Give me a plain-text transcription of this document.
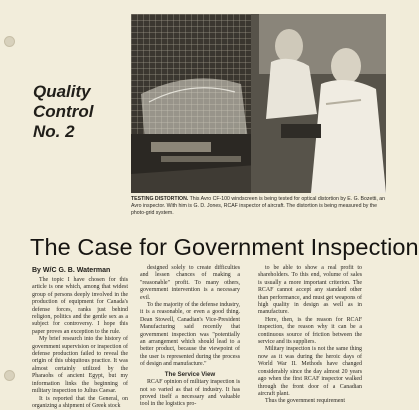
Quality
Control
No. 2
TESTING DISTORTION. This Avro CF-100 windscreen is being tested for optical distortion by E. G. Bozetti, an Avro inspector. With him is G. D. Jones, RCAF inspector of aircraft. The distortion is being measured by the photo-grid system.
The Case for Government Inspection
By W/C G. B. Waterman

The topic I have chosen for this article is one which, among that widest group of persons deeply involved in the production of equipment for Canada's defense forces, ranks just behind religion, politics and the gentle sex as a subject for controversy. I hope this paper proves an exception to the rule.

My brief research into the history of government supervision or inspection of defense production failed to reveal the origin of this ubiquitous practice. It was almost certainly utilized by the Pharaohs of ancient Egypt, but my information links the beginning of military inspection to Julius Caesar.

It is reported that the General, on organizing a shipment of Greek stock

designed solely to create difficulties and lessen chances of making a "reasonable" profit. To many others, government intervention is a necessary evil.

To the majority of the defense industry, it is a reasonable, or even a good thing. Dean Stowell, Canadian's Vice-President Manufacturing said recently that government inspection was "potentially an arrangement which should lead to a better product, because the viewpoint of the user is represented during the process of design and manufacture."

The Service View

RCAF opinion of military inspection is not so varied as that of industry. It has proved itself a necessary and valuable tool in the logistics pro-

to be able to show a real profit to shareholders. To this end, volume of sales is usually a more important criterion. The RCAF cannot accept any standard other than performance, and must get weapons of high quality in design as well as in manufacture.

Here, then, is the reason for RCAF inspection, the reason why it can be a continuous source of friction between the service and its suppliers.

Military inspection is not the same thing now as it was during the heroic days of World War II. Methods have changed considerably since the day almost 20 years ago when the first RCAF inspector walked through the front door of a Canadian aircraft plant.

Thus the government requirement
